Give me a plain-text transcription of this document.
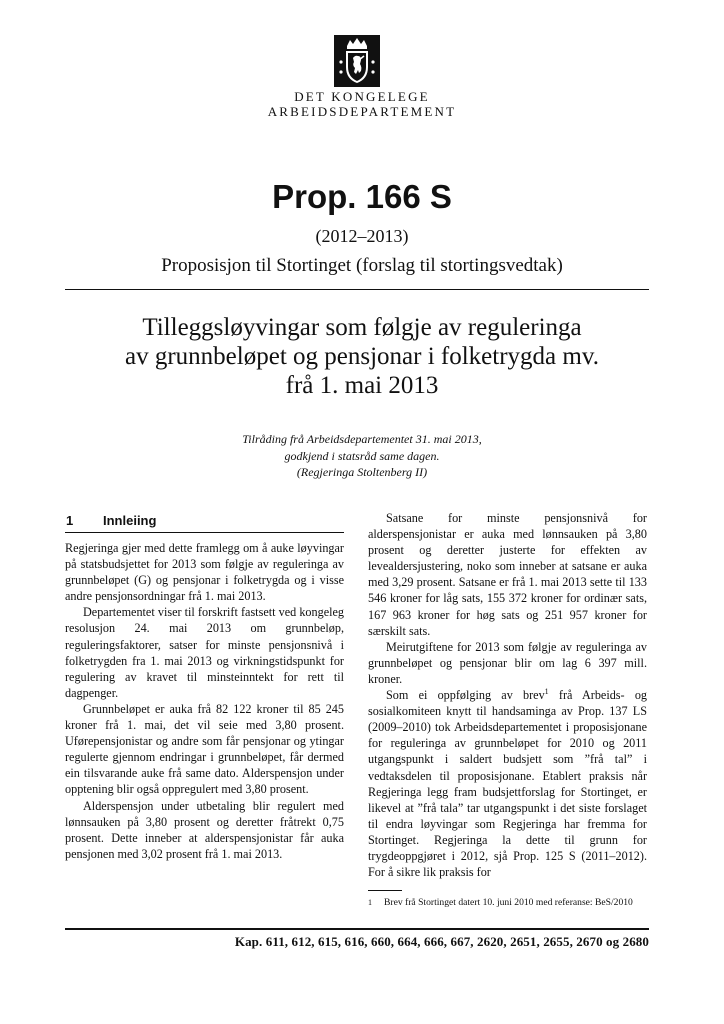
DET KONGELEGE
ARBEIDSDEPARTEMENT
Prop. 166 S
(2012–2013)
Proposisjon til Stortinget (forslag til stortingsvedtak)
Tilleggsløyvingar som følgje av reguleringa
av grunnbeløpet og pensjonar i folketrygda mv.
frå 1. mai 2013
Tilråding frå Arbeidsdepartementet 31. mai 2013,
godkjend i statsråd same dagen.
(Regjeringa Stoltenberg II)
1 Innleiing

Regjeringa gjer med dette framlegg om å auke løyvingar på statsbudsjettet for 2013 som følgje av reguleringa av grunnbeløpet (G) og pensjonar i folketrygda og i visse andre pensjonsordningar frå 1. mai 2013.

Departementet viser til forskrift fastsett ved kongeleg resolusjon 24. mai 2013 om grunnbeløp, reguleringsfaktorer, satser for minste pensjonsnivå i folketrygden fra 1. mai 2013 og virkningstidspunkt for regulering av kravet til minsteinntekt for rett til dagpenger.

Grunnbeløpet er auka frå 82 122 kroner til 85 245 kroner frå 1. mai, det vil seie med 3,80 prosent. Uførepensjonistar og andre som får pensjonar og ytingar regulerte gjennom endringar i grunnbeløpet, får dermed ein tilsvarande auke frå same dato. Alderspensjon under opptening blir også oppregulert med 3,80 prosent.

Alderspensjon under utbetaling blir regulert med lønnsauken på 3,80 prosent og deretter fråtrekt 0,75 prosent. Dette inneber at alderspensjonistar får auka pensjonen med 3,02 prosent frå 1. mai 2013.

Satsane for minste pensjonsnivå for alderspensjonistar er auka med lønnsauken på 3,80 prosent og deretter justerte for effekten av levealdersjustering, noko som inneber at satsane er auka med 3,29 prosent. Satsane er frå 1. mai 2013 sette til 133 546 kroner for låg sats, 155 372 kroner for ordinær sats, 167 963 kroner for høg sats og 251 957 kroner for særskilt sats.

Meirutgiftene for 2013 som følgje av reguleringa av grunnbeløpet og pensjonar blir om lag 6 397 mill. kroner.

Som ei oppfølging av brev$^1$ frå Arbeids- og sosialkomiteen knytt til handsaminga av Prop. 137 LS (2009–2010) tok Arbeidsdepartementet i proposisjonane for reguleringa av grunnbeløpet for 2010 og 2011 utgangspunkt i saldert budsjett som ”frå tal” i vedtaksdelen til proposisjonane. Etablert praksis når Regjeringa legg fram budsjettforslag for Stortinget, er likevel at ”frå tala” tar utgangspunkt i det siste forslaget til endra løyvingar som Regjeringa har fremma for Stortinget. Regjeringa la dette til grunn for trygdeoppgjøret i 2012, sjå Prop. 125 S (2011–2012). For å sikre lik praksis for

1	Brev frå Stortinget datert 10. juni 2010 med referanse: BeS/2010
Kap. 611, 612, 615, 616, 660, 664, 666, 667, 2620, 2651, 2655, 2670 og 2680
